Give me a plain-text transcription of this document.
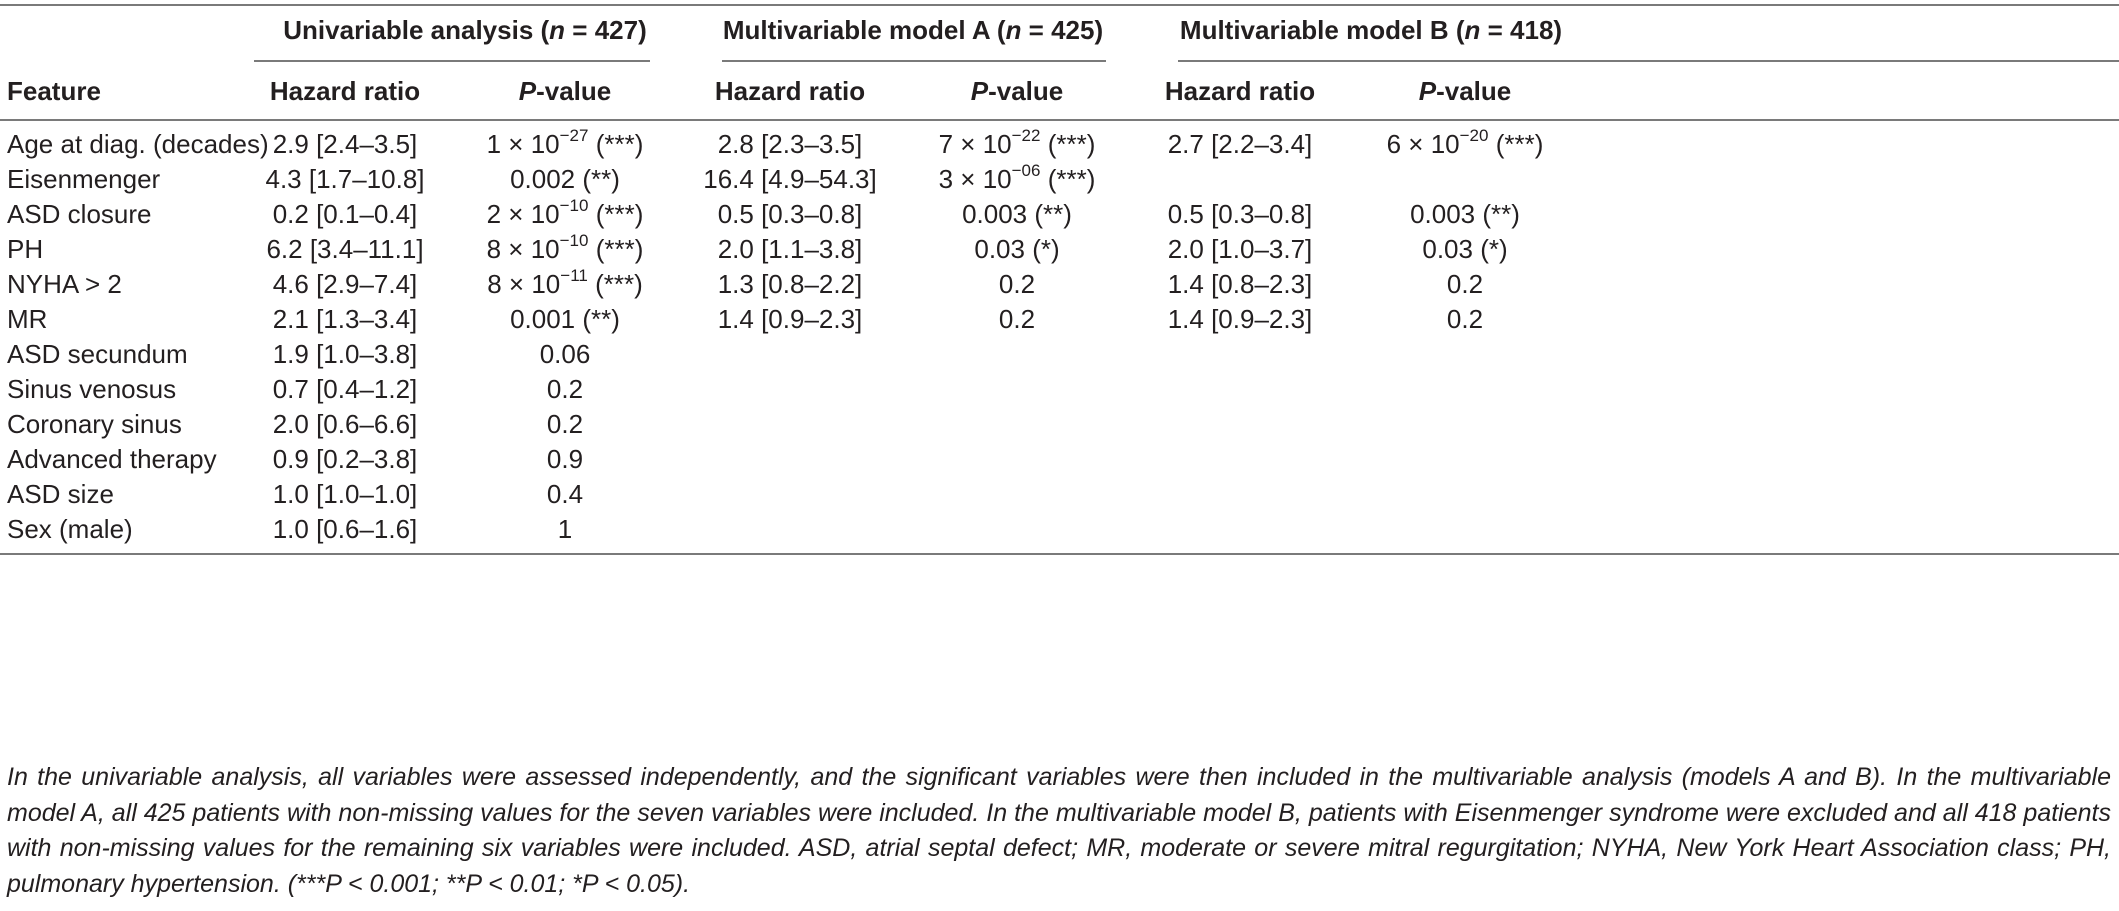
Univariable analysis (n = 427)	Multivariable model A (n = 425)	Multivariable model B (n = 418)
Feature	Hazard ratio	P-value	Hazard ratio	P-value	Hazard ratio	P-value
Age at diag. (decades) 2.9 [2.4–3.5]	$1 \times 10^{-27}$ (***)	2.8 [2.3–3.5]	$7 \times 10^{-22}$ (***)	2.7 [2.2–3.4]	$6 \times 10^{-20}$ (***)
Eisenmenger	4.3 [1.7–10.8]	0.002 (**)	16.4 [4.9–54.3] $3 \times 10^{-06}$ (***)
ASD closure	0.2 [0.1–0.4]	$2 \times 10^{-10}$ (***)	0.5 [0.3–0.8]	0.003 (**)	0.5 [0.3–0.8]	0.003 (**)
PH	6.2 [3.4–11.1] $8 \times 10^{-10}$ (***)	2.0 [1.1–3.8]	0.03 (*)	2.0 [1.0–3.7]	0.03 (*)
NYHA > 2	4.6 [2.9–7.4]	$8 \times 10^{-11}$ (***)	1.3 [0.8–2.2]	0.2	1.4 [0.8–2.3]	0.2
MR	2.1 [1.3–3.4]	0.001 (**)	1.4 [0.9–2.3]	0.2	1.4 [0.9–2.3]	0.2
ASD secundum	1.9 [1.0–3.8]	0.06
Sinus venosus	0.7 [0.4–1.2]	0.2
Coronary sinus	2.0 [0.6–6.6]	0.2
Advanced therapy 0.9 [0.2–3.8]	0.9
ASD size	1.0 [1.0–1.0]	0.4
Sex (male)	1.0 [0.6–1.6]	1
In the univariable analysis, all variables were assessed independently, and the significant variables were then included in the multivariable analysis (models A and B). In the multivariable model A, all 425 patients with non-missing values for the seven variables were included. In the multivariable model B, patients with Eisenmenger syndrome were excluded and all 418 patients with non-missing values for the remaining six variables were included. ASD, atrial septal defect; MR, moderate or severe mitral regurgitation; NYHA, New York Heart Association class; PH, pulmonary hypertension. (***P < 0.001; **P < 0.01; *P < 0.05).
